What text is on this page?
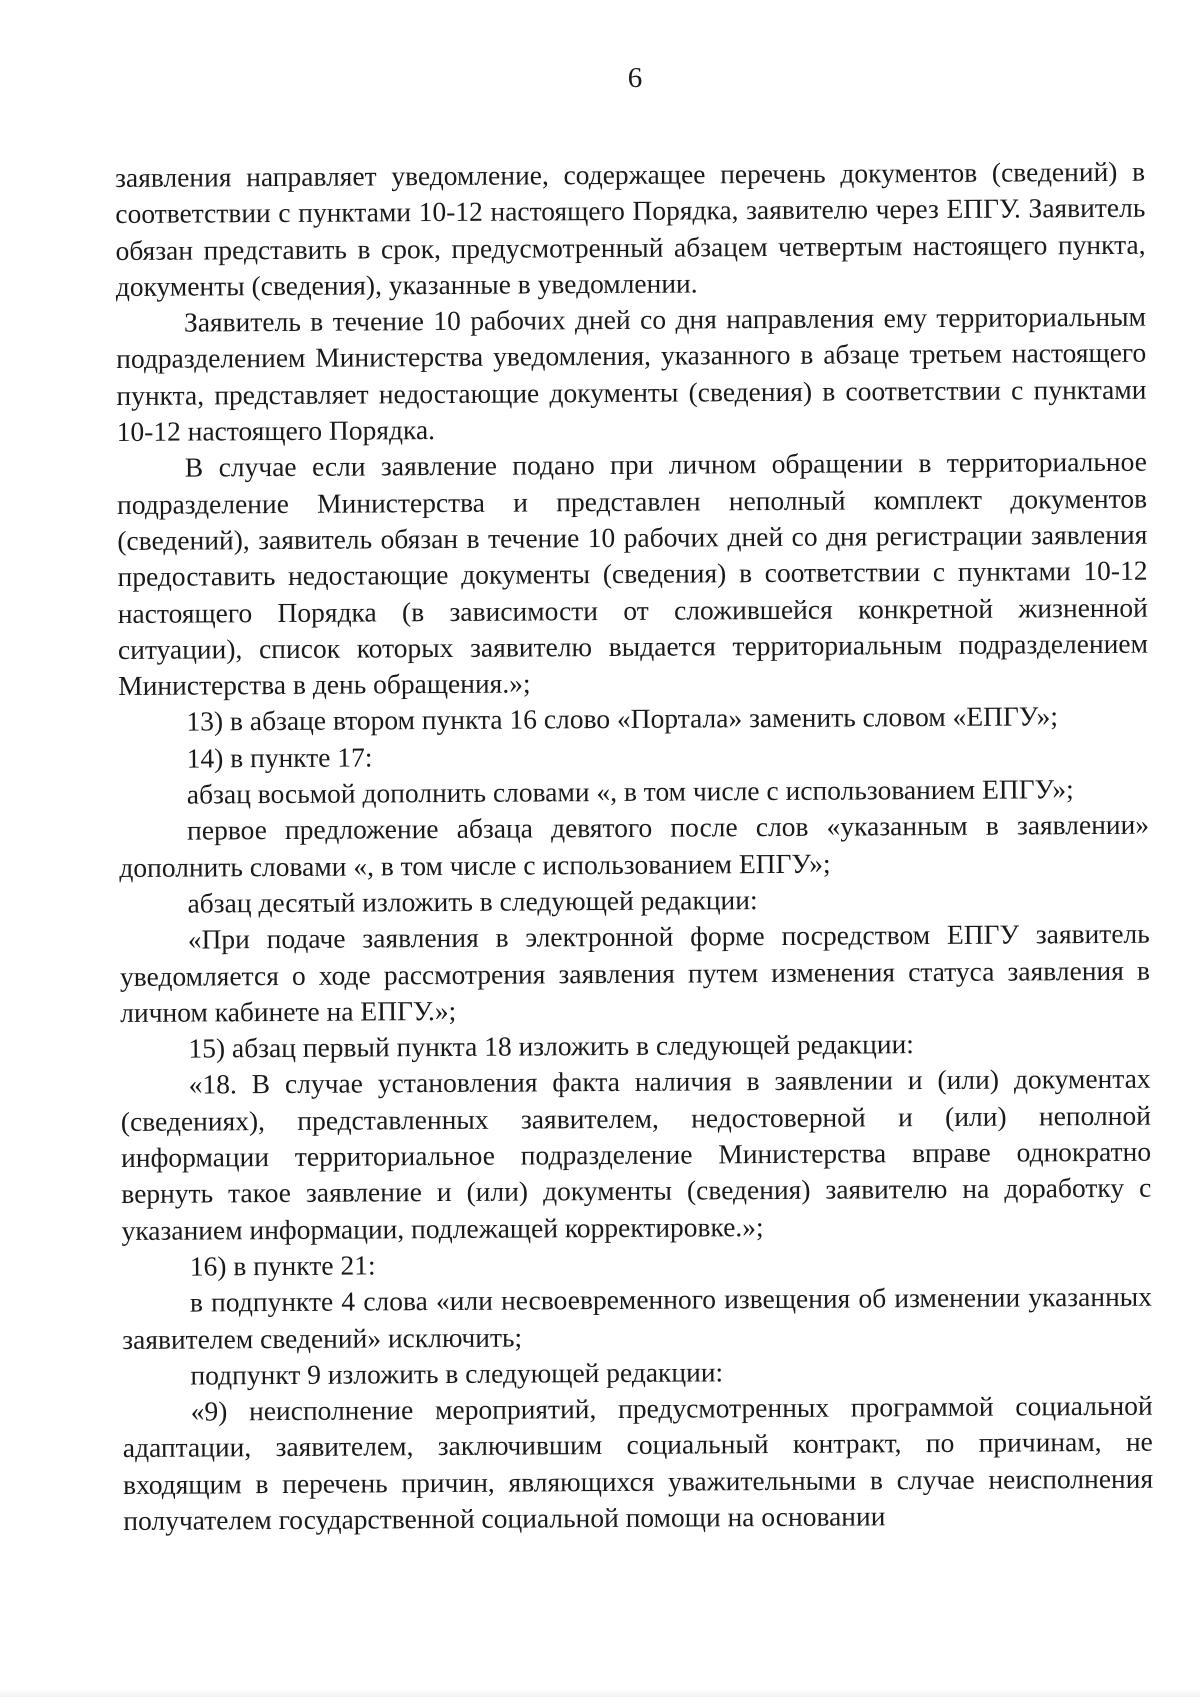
6

заявления направляет уведомление, содержащее перечень документов (сведений) в соответствии с пунктами 10-12 настоящего Порядка, заявителю через ЕПГУ. Заявитель обязан представить в срок, предусмотренный абзацем четвертым настоящего пункта, документы (сведения), указанные в уведомлении.

Заявитель в течение 10 рабочих дней со дня направления ему территориальным подразделением Министерства уведомления, указанного в абзаце третьем настоящего пункта, представляет недостающие документы (сведения) в соответствии с пунктами 10-12 настоящего Порядка.

В случае если заявление подано при личном обращении в территориальное подразделение Министерства и представлен неполный комплект документов (сведений), заявитель обязан в течение 10 рабочих дней со дня регистрации заявления предоставить недостающие документы (сведения) в соответствии с пунктами 10-12 настоящего Порядка (в зависимости от сложившейся конкретной жизненной ситуации), список которых заявителю выдается территориальным подразделением Министерства в день обращения.»;

13) в абзаце втором пункта 16 слово «Портала» заменить словом «ЕПГУ»;

14) в пункте 17:

абзац восьмой дополнить словами «, в том числе с использованием ЕПГУ»;

первое предложение абзаца девятого после слов «указанным в заявлении» дополнить словами «, в том числе с использованием ЕПГУ»;

абзац десятый изложить в следующей редакции:

«При подаче заявления в электронной форме посредством ЕПГУ заявитель уведомляется о ходе рассмотрения заявления путем изменения статуса заявления в личном кабинете на ЕПГУ.»;

15) абзац первый пункта 18 изложить в следующей редакции:

«18. В случае установления факта наличия в заявлении и (или) документах (сведениях), представленных заявителем, недостоверной и (или) неполной информации территориальное подразделение Министерства вправе однократно вернуть такое заявление и (или) документы (сведения) заявителю на доработку с указанием информации, подлежащей корректировке.»;

16) в пункте 21:

в подпункте 4 слова «или несвоевременного извещения об изменении указанных заявителем сведений» исключить;

подпункт 9 изложить в следующей редакции:

«9) неисполнение мероприятий, предусмотренных программой социальной адаптации, заявителем, заключившим социальный контракт, по причинам, не входящим в перечень причин, являющихся уважительными в случае неисполнения получателем государственной социальной помощи на основании
